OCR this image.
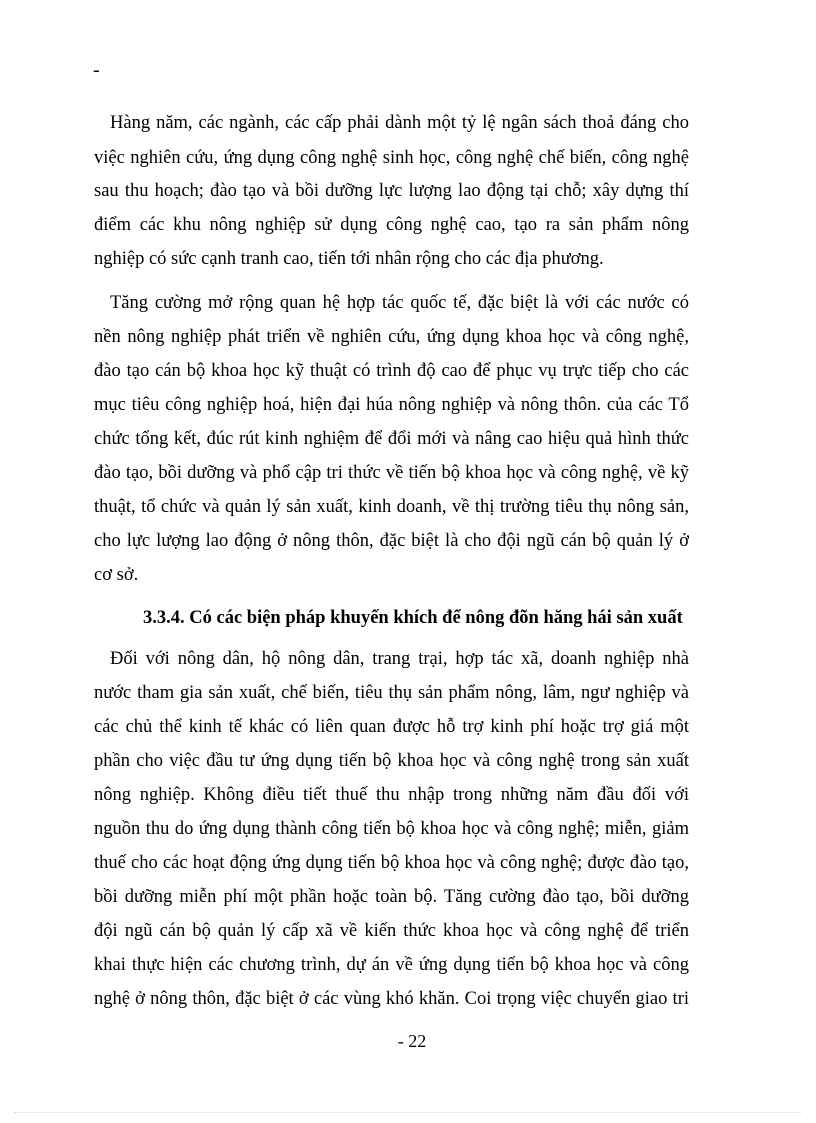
-
Hàng năm, các ngành, các cấp phải dành một tỷ lệ ngân sách thoả đáng cho
việc nghiên cứu, ứng dụng công nghệ sinh học, công nghệ chế biến, công nghệ
sau thu hoạch; đào tạo và bồi dưỡng lực lượng lao động tại chỗ; xây dựng thí
điểm các khu nông nghiệp sử dụng công nghệ cao, tạo ra sản phẩm nông
nghiệp có sức cạnh tranh cao, tiến tới nhân rộng cho các địa phương.
Tăng cường mở rộng quan hệ hợp tác quốc tế, đặc biệt là với các nước có
nền nông nghiệp phát triển về nghiên cứu, ứng dụng khoa học và công nghệ,
đào tạo cán bộ khoa học kỹ thuật có trình độ cao để phục vụ trực tiếp cho các
mục tiêu công nghiệp hoá, hiện đại húa nông nghiệp và nông thôn. của các Tổ
chức tổng kết, đúc rút kinh nghiệm để đổi mới và nâng cao hiệu quả hình thức
đào tạo, bồi dưỡng và phổ cập tri thức về tiến bộ khoa học và công nghệ, về kỹ
thuật, tổ chức và quản lý sản xuất, kinh doanh, về thị trường tiêu thụ nông sản,
cho lực lượng lao động ở nông thôn, đặc biệt là cho đội ngũ cán bộ quản lý ở
cơ sở.
3.3.4. Có các biện pháp khuyến khích để nông đõn hăng hái sản xuất
Đối với nông dân, hộ nông dân, trang trại, hợp tác xã, doanh nghiệp nhà
nước tham gia sản xuất, chế biến, tiêu thụ sản phẩm nông, lâm, ngư nghiệp và
các chủ thể kinh tế khác có liên quan được hỗ trợ kinh phí hoặc trợ giá một
phần cho việc đầu tư ứng dụng tiến bộ khoa học và công nghệ trong sản xuất
nông nghiệp. Không điều tiết thuế thu nhập trong những năm đầu đối với
nguồn thu do ứng dụng thành công tiến bộ khoa học và công nghệ; miễn, giảm
thuế cho các hoạt động ứng dụng tiến bộ khoa học và công nghệ; được đào tạo,
bồi dưỡng miễn phí một phần hoặc toàn bộ. Tăng cường đào tạo, bồi dưỡng
đội ngũ cán bộ quản lý cấp xã về kiến thức khoa học và công nghệ để triển
khai thực hiện các chương trình, dự án về ứng dụng tiến bộ khoa học và công
nghệ ở nông thôn, đặc biệt ở các vùng khó khăn. Coi trọng việc chuyển giao tri
- 22
